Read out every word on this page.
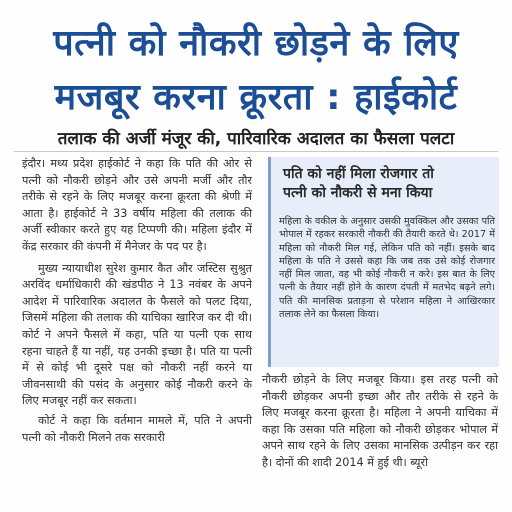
पत्नी को नौकरी छोड़ने के लिए
मजबूर करना क्रूरता : हाईकोर्ट
तलाक की अर्जी मंजूर की, पारिवारिक अदालत का फैसला पलटा

इंदौर। मध्य प्रदेश हाईकोर्ट ने कहा कि पति की ओर से पत्नी को नौकरी छोड़ने और उसे अपनी मर्जी और तौर तरीके से रहने के लिए मजबूर करना क्रूरता की श्रेणी में आता है। हाईकोर्ट ने 33 वर्षीय महिला की तलाक की अर्जी स्वीकार करते हुए यह टिप्पणी की। महिला इंदौर में केंद्र सरकार की कंपनी में मैनेजर के पद पर है।

मुख्य न्यायाधीश सुरेश कुमार कैत और जस्टिस सुश्रुत अरविंद धर्माधिकारी की खंडपीठ ने 13 नवंबर के अपने आदेश में पारिवारिक अदालत के फैसले को पलट दिया, जिसमें महिला की तलाक की याचिका खारिज कर दी थी। कोर्ट ने अपने फैसले में कहा, पति या पत्नी एक साथ रहना चाहते हैं या नहीं, यह उनकी इच्छा है। पति या पत्नी में से कोई भी दूसरे पक्ष को नौकरी नहीं करने या जीवनसाथी की पसंद के अनुसार कोई नौकरी करने के लिए मजबूर नहीं कर सकता।

कोर्ट ने कहा कि वर्तमान मामले में, पति ने अपनी पत्नी को नौकरी मिलने तक सरकारी

पति को नहीं मिला रोजगार तो
पत्नी को नौकरी से मना किया
महिला के वकील के अनुसार उसकी मुवक्किल और उसका पति भोपाल में रहकर सरकारी नौकरी की तैयारी करते थे। 2017 में महिला को नौकरी मिल गई, लेकिन पति को नहीं। इसके बाद महिला के पति ने उससे कहा कि जब तक उसे कोई रोजगार नहीं मिल जाता, वह भी कोई नौकरी न करे। इस बात के लिए पत्नी के तैयार नहीं होने के कारण दंपती में मतभेद बढ़ने लगे। पति की मानसिक प्रताड़ना से परेशान महिला ने आखिरकार तलाक लेने का फैसला किया।

नौकरी छोड़ने के लिए मजबूर किया। इस तरह पत्नी को नौकरी छोड़कर अपनी इच्छा और तौर तरीके से रहने के लिए मजबूर करना क्रूरता है। महिला ने अपनी याचिका में कहा कि उसका पति महिला को नौकरी छोड़कर भोपाल में अपने साथ रहने के लिए उसका मानसिक उत्पीड़न कर रहा है। दोनों की शादी 2014 में हुई थी। ब्यूरो
